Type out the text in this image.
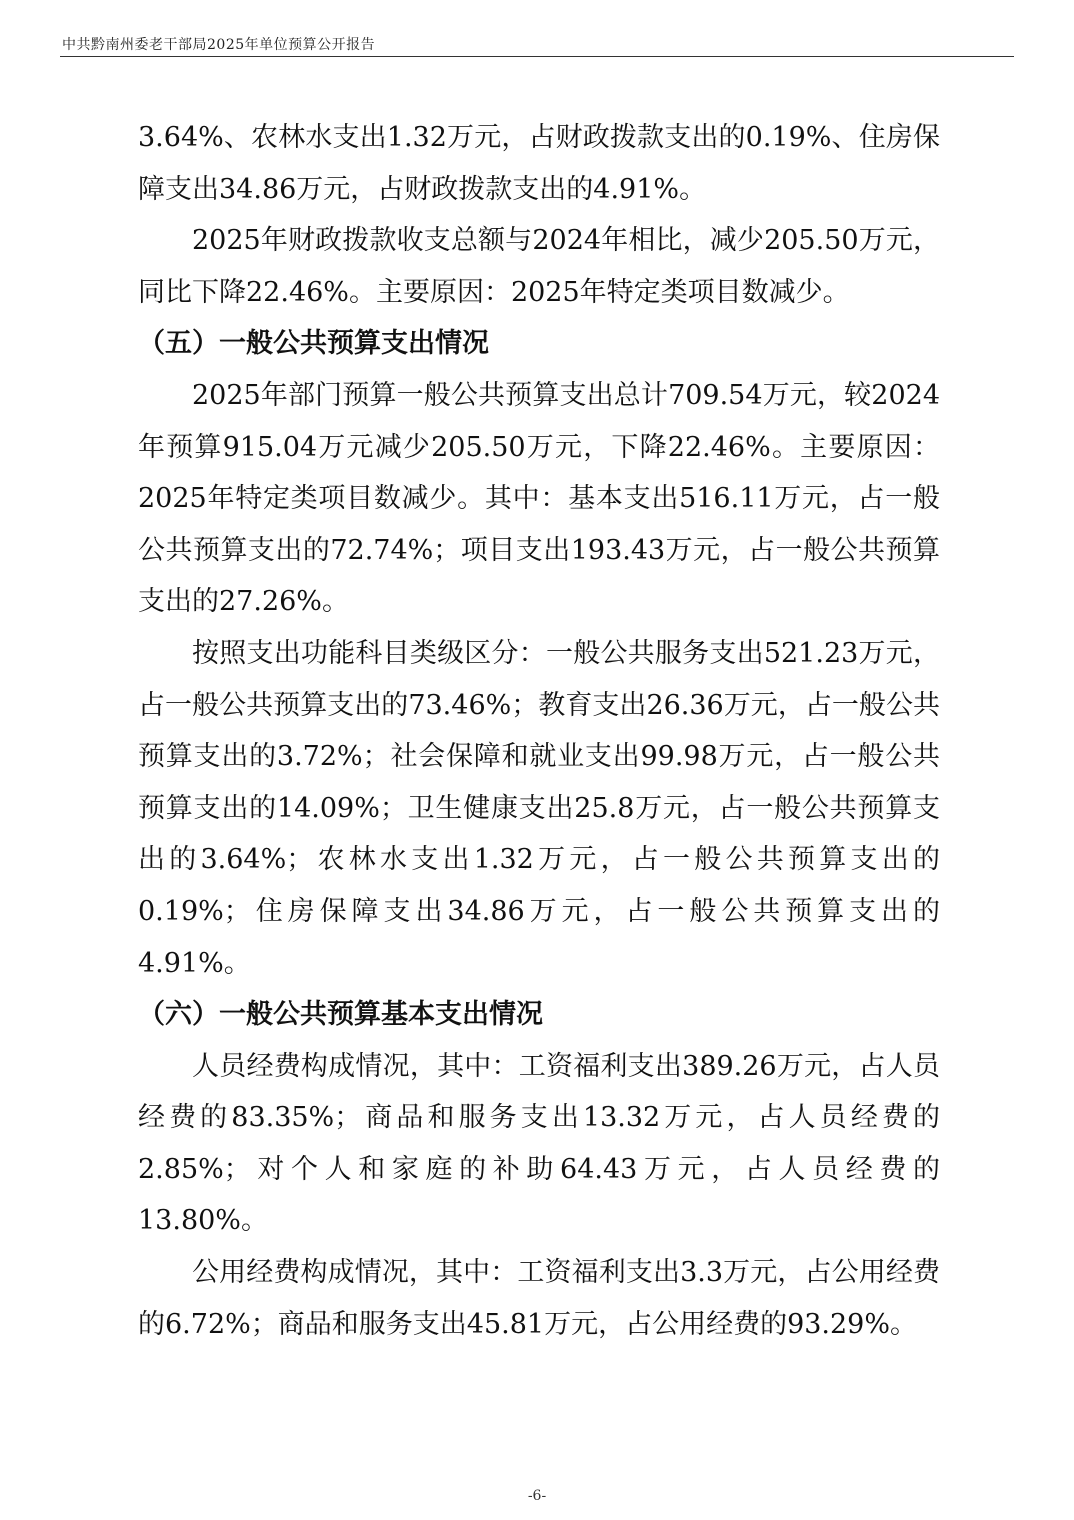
中共黔南州委老干部局2025年单位预算公开报告

3.64%、农林水支出1.32万元，占财政拨款支出的0.19%、住房保障支出34.86万元，占财政拨款支出的4.91%。

2025年财政拨款收支总额与2024年相比，减少205.50万元，同比下降22.46%。主要原因：2025年特定类项目数减少。

（五）一般公共预算支出情况

2025年部门预算一般公共预算支出总计709.54万元，较2024年预算915.04万元减少205.50万元，下降22.46%。主要原因：2025年特定类项目数减少。其中：基本支出516.11万元，占一般公共预算支出的72.74%；项目支出193.43万元，占一般公共预算支出的27.26%。

按照支出功能科目类级区分：一般公共服务支出521.23万元，占一般公共预算支出的73.46%；教育支出26.36万元，占一般公共预算支出的3.72%；社会保障和就业支出99.98万元，占一般公共预算支出的14.09%；卫生健康支出25.8万元，占一般公共预算支出的3.64%；农林水支出1.32万元，占一般公共预算支出的0.19%；住房保障支出34.86万元，占一般公共预算支出的4.91%。

（六）一般公共预算基本支出情况

人员经费构成情况，其中：工资福利支出389.26万元，占人员经费的83.35%；商品和服务支出13.32万元，占人员经费的2.85%；对个人和家庭的补助64.43万元，占人员经费的13.80%。

公用经费构成情况，其中：工资福利支出3.3万元，占公用经费的6.72%；商品和服务支出45.81万元，占公用经费的93.29%。

-6-
